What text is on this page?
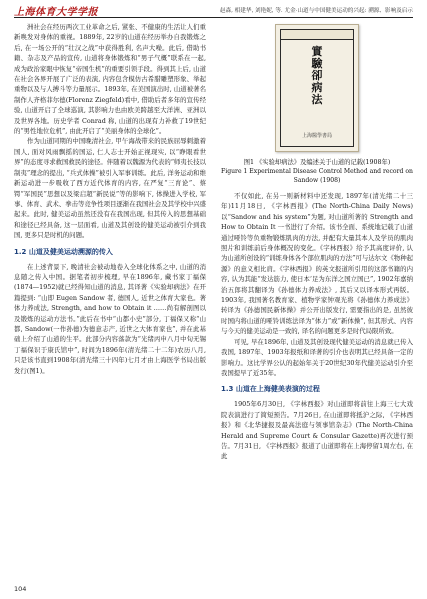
上海体育大学学报	赵森, 相建华, 刘艳妮, 等. 尤金·山道与中国健美运动的兴起: 溯源、影响及启示

洲社会在经历两次工业革命之后, 紧张、不健康的生活让人们重新唤发对身体的重视。1889年, 22岁的山道在经历举办自我锻炼之后, 在一场公开的“壮汉之战”中获得胜利, 名声大噪。此后, 借助书籍、杂志及产品的宣传, 山道将身体锻炼和“男子气概”联系在一起, 成为政治家眼中恢复“帝国生机”的重要引领手段。得到其上后, 山道在社会各界开展了广泛的表演, 内容包含模仿古希腊雕塑形象、举起重物以及与人搏斗等力量展示。1893年, 在美国演出时, 山道被著名制作人齐格菲尔德(Florenz Ziegfeld)看中, 借助后者多年的宣传经验, 山道开启了全球巡演, 其影响力也由欧美跨越至大洋洲、亚洲以及世界各地。历史学者 Conrad 称, 山道的出现有力补救了19世纪的“男性地位危机”, 由此开启了“美丽身体的全球化”。

作为山道同期的中国晚清社会, 甲午海战带来的民族屈辱刺激着国人, 面对风雨飘摇的国运, 仁人志士开始正视现实, 以“睁眼看世界”的态度寻求救国救民的途径。伴随着以魏源为代表的“师夷长技以制夷”理念的提出, “兵式体操”被引入军事训练。此后, 洋务运动和维新运动进一步吸收了西方近代体育的内容, 在严复“三育论”、蔡锷“军国民”思想以及梁启超“新民说”等的影响下, 体操进入学校, 军事、体育、武术、拳击等竞争性项目逐渐在我国社会及其学校中兴盛起来。此时, 健美运动虽然还没有在我国出现, 但其传入的思想基础和途径已经具备, 这一层面看, 山道及其创设的健美运动被引介到我国, 更多只是时机的问题。

1.2 山道及健美运动溯源的传入

在上述背景下, 晚清社会被动地卷入全球化体系之中, 山道的消息随之传入中国。据笔者初步梳理, 早在1896年, 藏书家丁福保(1874—1952)就已经得知山道的消息, 其译著《实验却病法》在开篇提到: “山即 Eugen Sandow 者, 德国人, 近世之体育大家也。著体力养成法, Strength, and how to Obtain it ……尚有解剖图以及锻炼的运动方法书。”此后在书中“山都小史”部分, 丁福保又称“山都, Sandow(一作孙德)为德意志产, 近世之大体育家也”, 并在此基础上介绍了山道的生平。此部分内容落款为“光绪丙申八月中旬无锡丁福保识于康氏馆中”, 时间为1896年(清光绪二十二年)农历八月, 只是该书直到1908年(清光绪三十四年)七月才由上海医学书局出版发行(图1)。

實
驗
卻
病
法
上海醫學書局
图1 《实验却病法》及编述关于山道的记载(1908年)
Figure 1 Experimental Disease Control Method and record on Sandow (1908)

不仅如此, 在另一则新材料中还发现, 1897年(清光绪二十三年)11月18日, 《字林西报》(The North-China Daily News)以“Sandow and his system”为题, 对山道所著的 Strength and How to Obtain It 一书进行了介绍。该书全面、系统地记载了山道通过哑铃等负重物锻炼肌肉的方法, 并配有大量其本人及学员的肌肉照片和训练前后身体概况的变化。《字林西报》给予其高度评价, 认为山道所创设的“训练身体各个部位肌肉的方法”可与达尔文《物种起源》的意义相比肩。《字林西报》的英文报道所引用的这部书籍的内容, 认为其能“发达筋力, 使日本‘足为东洋之国立国已”, 1902年嘉纳治五郎将其翻译为《孙德体力养成法》, 其后又以译本形式再版。1903年, 我国著名教育家、植物学家钟观光将《孙德体力养成法》转译为《孙德国民新体操》并公开出版发行, 需要指出的是, 虽然彼时国内将山道的哑铃训练法译为“体力”或“新体操”, 但其形式、内容与今天的健美运动是一致的, 译名的问题更多是时代局限所致。

可见, 早在1896年, 山道及其创设现代健美运动的消息就已传入我国, 1897年、1903年报纸和译著的引介也表明其已经具备一定的影响力。这比学界公认的起始年关于20世纪30年代健美运动引介至我国提早了近35年。

1.3 山道在上海健美表演的过程

1905年6月30日, 《字林西报》对山道即将前往上海三七大戏院表演进行了简短预告。7月26日, 在山道即将抵沪之际, 《字林西报》和《北华捷报及最高法庭与领事馆杂志》(The North-China Herald and Supreme Court & Consular Gazette)再次进行预告。7月31日, 《字林西报》报道了山道即将在上海停留1周左右, 在此

104
